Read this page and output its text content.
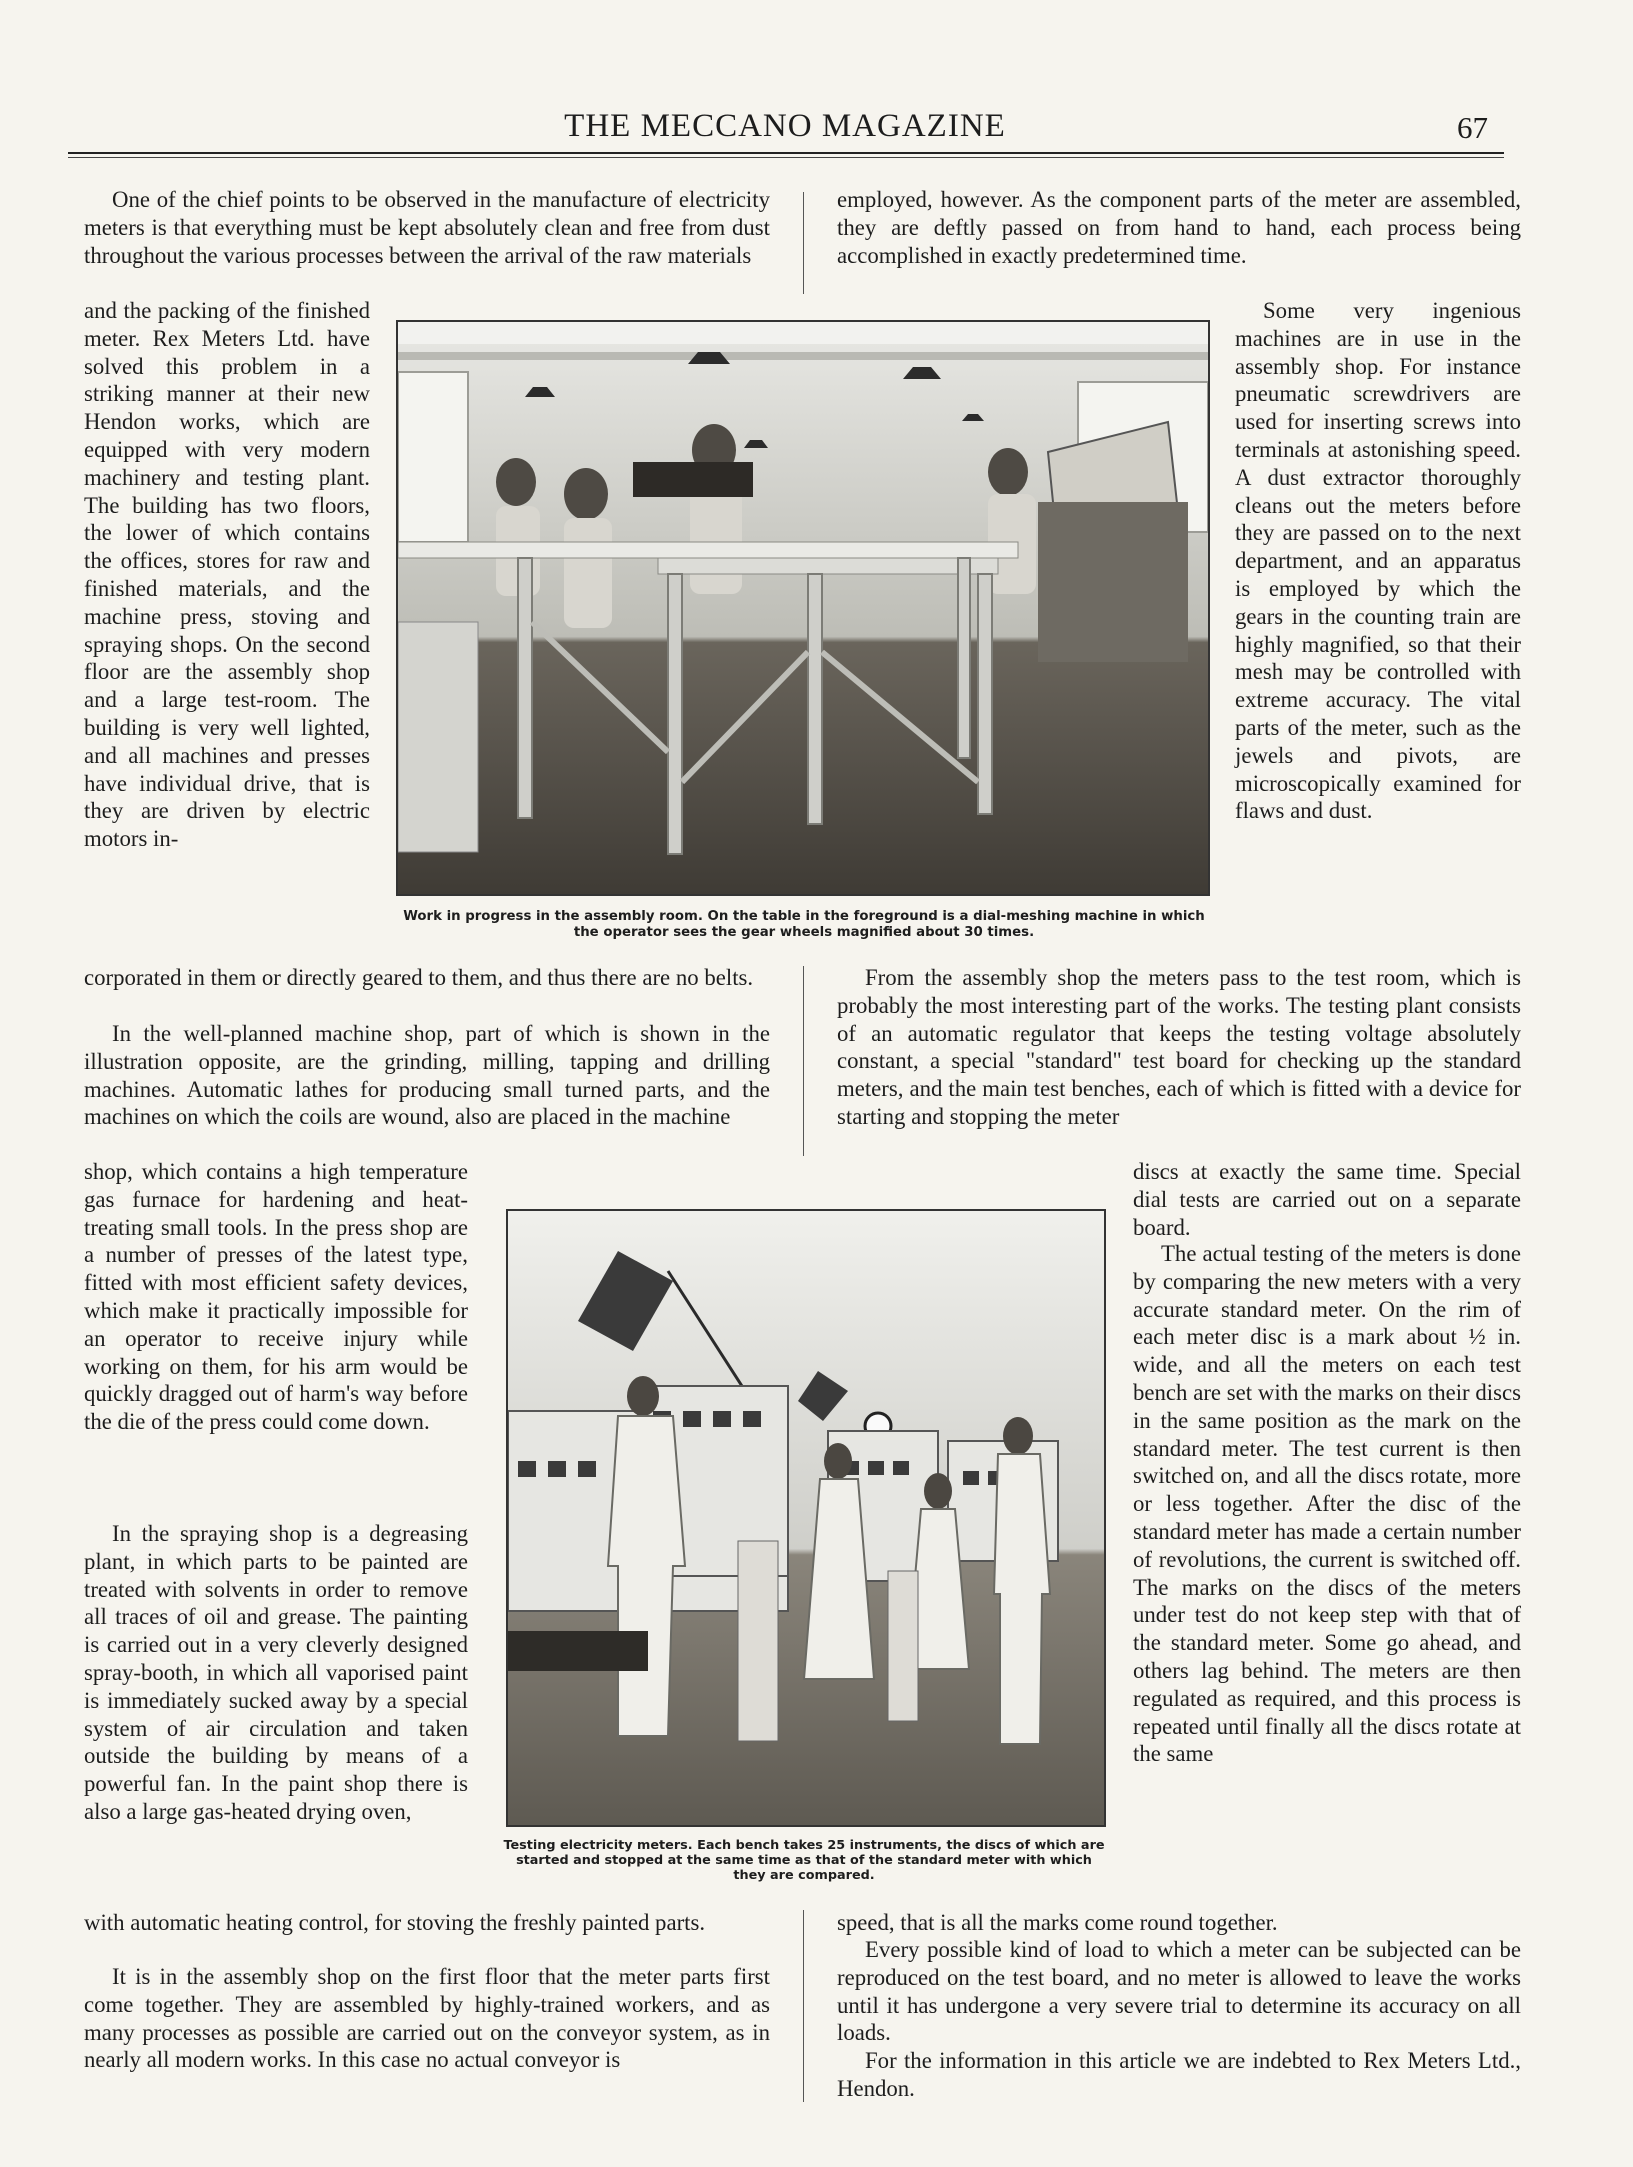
THE MECCANO MAGAZINE	67

One of the chief points to be observed in the manufacture of electricity meters is that everything must be kept absolutely clean and free from dust throughout the various processes between the arrival of the raw materials

and the packing of the finished meter. Rex Meters Ltd. have solved this problem in a striking manner at their new Hendon works, which are equipped with very modern machinery and testing plant. The building has two floors, the lower of which contains the offices, stores for raw and finished materials, and the machine press, stoving and spraying shops. On the second floor are the assembly shop and a large test-room. The building is very well lighted, and all machines and presses have individual drive, that is they are driven by electric motors in-

corporated in them or directly geared to them, and thus there are no belts.

In the well-planned machine shop, part of which is shown in the illustration opposite, are the grinding, milling, tapping and drilling machines. Automatic lathes for producing small turned parts, and the machines on which the coils are wound, also are placed in the machine

shop, which contains a high temperature gas furnace for hardening and heat-treating small tools. In the press shop are a number of presses of the latest type, fitted with most efficient safety devices, which make it practically impossible for an operator to receive injury while working on them, for his arm would be quickly dragged out of harm's way before the die of the press could come down.

In the spraying shop is a degreasing plant, in which parts to be painted are treated with solvents in order to remove all traces of oil and grease. The painting is carried out in a very cleverly designed spray-booth, in which all vaporised paint is immediately sucked away by a special system of air circulation and taken outside the building by means of a powerful fan. In the paint shop there is also a large gas-heated drying oven,

with automatic heating control, for stoving the freshly painted parts.

It is in the assembly shop on the first floor that the meter parts first come together. They are assembled by highly-trained workers, and as many processes as possible are carried out on the conveyor system, as in nearly all modern works. In this case no actual conveyor is

employed, however. As the component parts of the meter are assembled, they are deftly passed on from hand to hand, each process being accomplished in exactly predetermined time.

Some very ingenious machines are in use in the assembly shop. For instance pneumatic screwdrivers are used for inserting screws into terminals at astonishing speed. A dust extractor thoroughly cleans out the meters before they are passed on to the next department, and an apparatus is employed by which the gears in the counting train are highly magnified, so that their mesh may be controlled with extreme accuracy. The vital parts of the meter, such as the jewels and pivots, are microscopically examined for flaws and dust.

From the assembly shop the meters pass to the test room, which is probably the most interesting part of the works. The testing plant consists of an automatic regulator that keeps the testing voltage absolutely constant, a special "standard" test board for checking up the standard meters, and the main test benches, each of which is fitted with a device for starting and stopping the meter

discs at exactly the same time. Special dial tests are carried out on a separate board.

The actual testing of the meters is done by comparing the new meters with a very accurate standard meter. On the rim of each meter disc is a mark about ½ in. wide, and all the meters on each test bench are set with the marks on their discs in the same position as the mark on the standard meter. The test current is then switched on, and all the discs rotate, more or less together. After the disc of the standard meter has made a certain number of revolutions, the current is switched off. The marks on the discs of the meters under test do not keep step with that of the standard meter. Some go ahead, and others lag behind. The meters are then regulated as required, and this process is repeated until finally all the discs rotate at the same

speed, that is all the marks come round together.

Every possible kind of load to which a meter can be subjected can be reproduced on the test board, and no meter is allowed to leave the works until it has undergone a very severe trial to determine its accuracy on all loads.

For the information in this article we are indebted to Rex Meters Ltd., Hendon.

Work in progress in the assembly room. On the table in the foreground is a dial-meshing machine in which the operator sees the gear wheels magnified about 30 times.

Testing electricity meters. Each bench takes 25 instruments, the discs of which are started and stopped at the same time as that of the standard meter with which they are compared.
